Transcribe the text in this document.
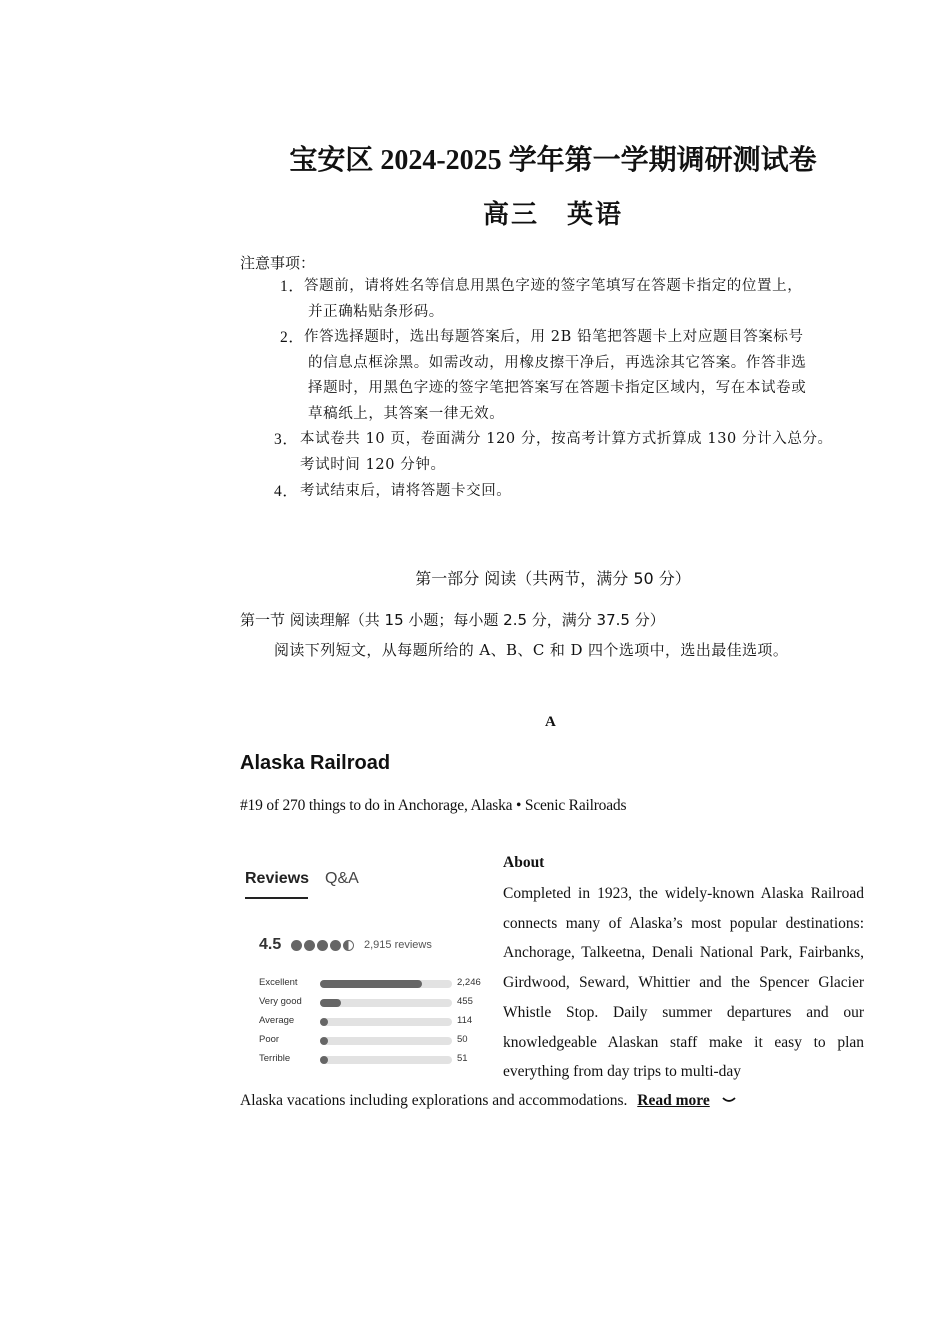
宝安区 2024-2025 学年第一学期调研测试卷
高三　英语
注意事项：
1． 答题前，请将姓名等信息用黑色字迹的签字笔填写在答题卡指定的位置上，
并正确粘贴条形码。
2． 作答选择题时，选出每题答案后，用 2B 铅笔把答题卡上对应题目答案标号
的信息点框涂黑。如需改动，用橡皮擦干净后，再选涂其它答案。作答非选
择题时，用黑色字迹的签字笔把答案写在答题卡指定区域内，写在本试卷或
草稿纸上，其答案一律无效。
3． 本试卷共 10 页，卷面满分 120 分，按高考计算方式折算成 130 分计入总分。
考试时间 120 分钟。
4． 考试结束后，请将答题卡交回。
第一部分 阅读（共两节，满分 50 分）
第一节 阅读理解（共 15 小题；每小题 2.5 分，满分 37.5 分）
阅读下列短文，从每题所给的 A、B、C 和 D 四个选项中，选出最佳选项。
A
Alaska Railroad
#19 of 270 things to do in Anchorage, Alaska • Scenic Railroads
Reviews Q&A
4.5	2,915 reviews
Excellent	2,246
Very good	455
Average	114
Poor	50
Terrible	51
About
Completed in 1923, the widely-known Alaska Railroad connects many of Alaska’s most popular destinations: Anchorage, Talkeetna, Denali National Park, Fairbanks, Girdwood, Seward, Whittier and the Spencer Glacier Whistle Stop. Daily summer departures and our knowledgeable Alaskan staff make it easy to plan everything from day trips to multi-day
Alaska vacations including explorations and accommodations. Read more
